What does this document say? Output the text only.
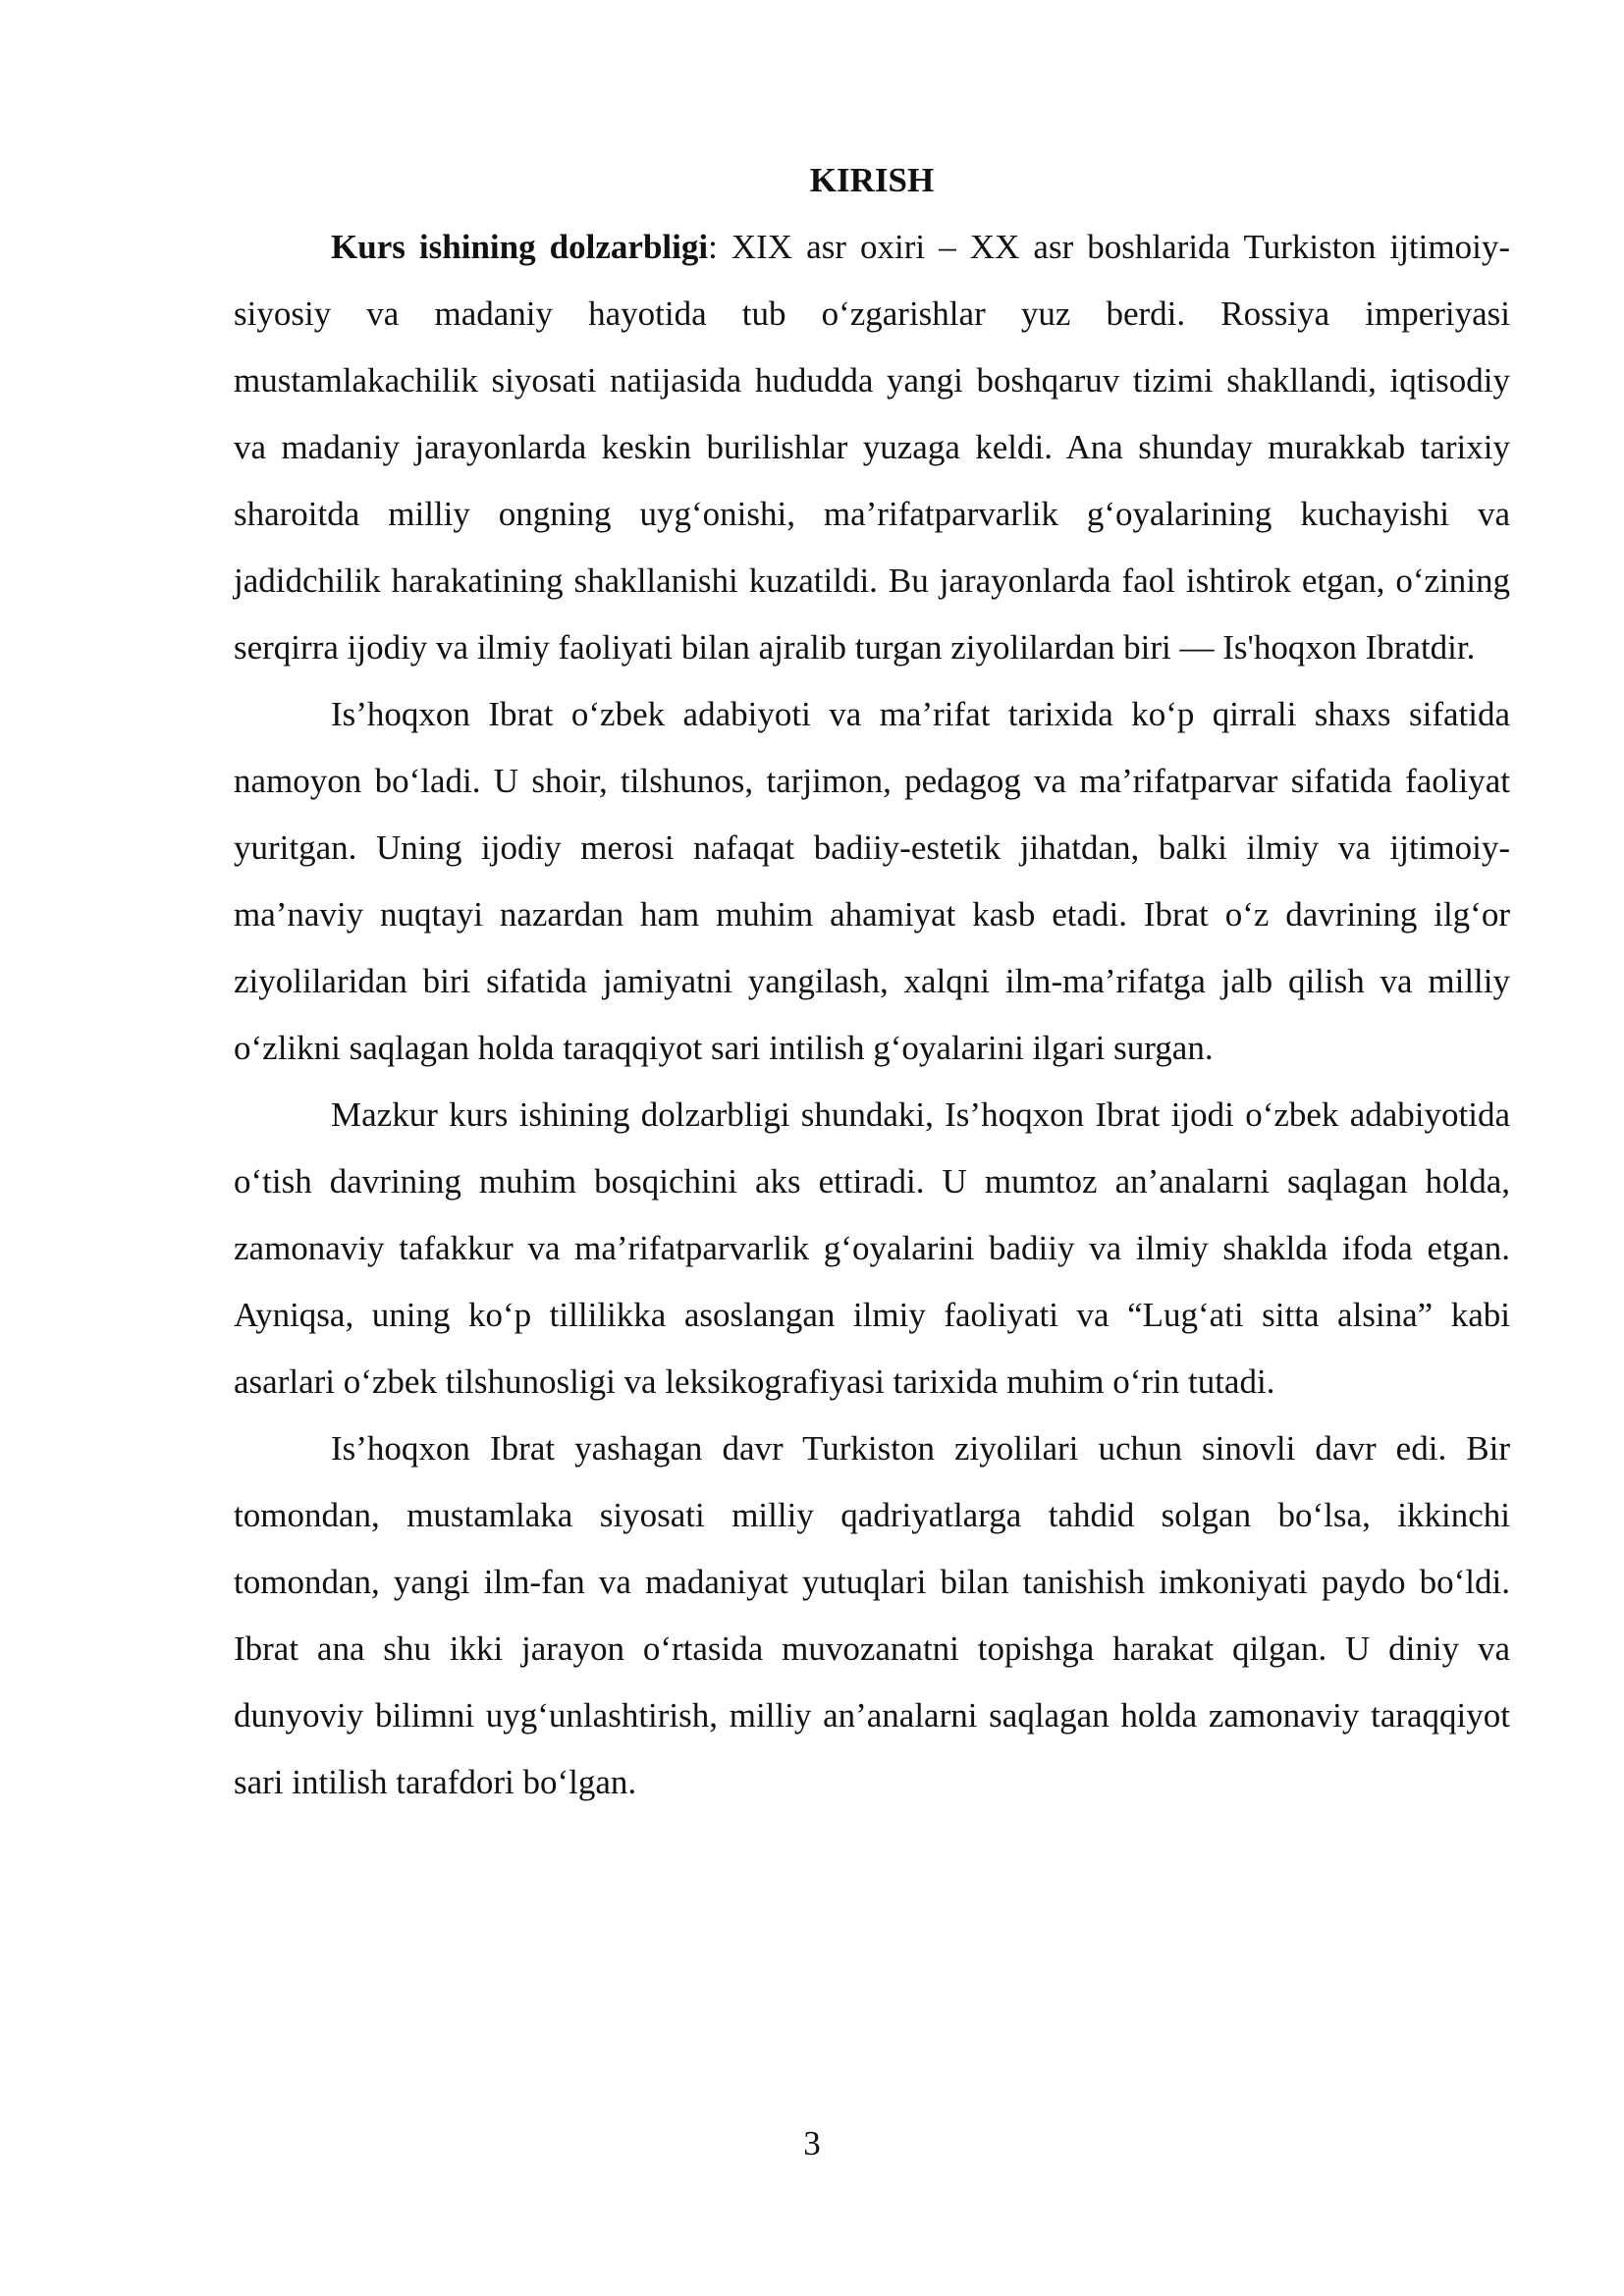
KIRISH

Kurs ishining dolzarbligi: XIX asr oxiri – XX asr boshlarida Turkiston ijtimoiy-siyosiy va madaniy hayotida tub o‘zgarishlar yuz berdi. Rossiya imperiyasi mustamlakachilik siyosati natijasida hududda yangi boshqaruv tizimi shakllandi, iqtisodiy va madaniy jarayonlarda keskin burilishlar yuzaga keldi. Ana shunday murakkab tarixiy sharoitda milliy ongning uyg‘onishi, ma’rifatparvarlik g‘oyalarining kuchayishi va jadidchilik harakatining shakllanishi kuzatildi. Bu jarayonlarda faol ishtirok etgan, o‘zining serqirra ijodiy va ilmiy faoliyati bilan ajralib turgan ziyolilardan biri — Is'hoqxon Ibratdir.

Is’hoqxon Ibrat o‘zbek adabiyoti va ma’rifat tarixida ko‘p qirrali shaxs sifatida namoyon bo‘ladi. U shoir, tilshunos, tarjimon, pedagog va ma’rifatparvar sifatida faoliyat yuritgan. Uning ijodiy merosi nafaqat badiiy-estetik jihatdan, balki ilmiy va ijtimoiy-ma’naviy nuqtayi nazardan ham muhim ahamiyat kasb etadi. Ibrat o‘z davrining ilg‘or ziyolilaridan biri sifatida jamiyatni yangilash, xalqni ilm-ma’rifatga jalb qilish va milliy o‘zlikni saqlagan holda taraqqiyot sari intilish g‘oyalarini ilgari surgan.

Mazkur kurs ishining dolzarbligi shundaki, Is’hoqxon Ibrat ijodi o‘zbek adabiyotida o‘tish davrining muhim bosqichini aks ettiradi. U mumtoz an’analarni saqlagan holda, zamonaviy tafakkur va ma’rifatparvarlik g‘oyalarini badiiy va ilmiy shaklda ifoda etgan. Ayniqsa, uning ko‘p tillilikka asoslangan ilmiy faoliyati va “Lug‘ati sitta alsina” kabi asarlari o‘zbek tilshunosligi va leksikografiyasi tarixida muhim o‘rin tutadi.

Is’hoqxon Ibrat yashagan davr Turkiston ziyolilari uchun sinovli davr edi. Bir tomondan, mustamlaka siyosati milliy qadriyatlarga tahdid solgan bo‘lsa, ikkinchi tomondan, yangi ilm-fan va madaniyat yutuqlari bilan tanishish imkoniyati paydo bo‘ldi. Ibrat ana shu ikki jarayon o‘rtasida muvozanatni topishga harakat qilgan. U diniy va dunyoviy bilimni uyg‘unlashtirish, milliy an’analarni saqlagan holda zamonaviy taraqqiyot sari intilish tarafdori bo‘lgan.

3
